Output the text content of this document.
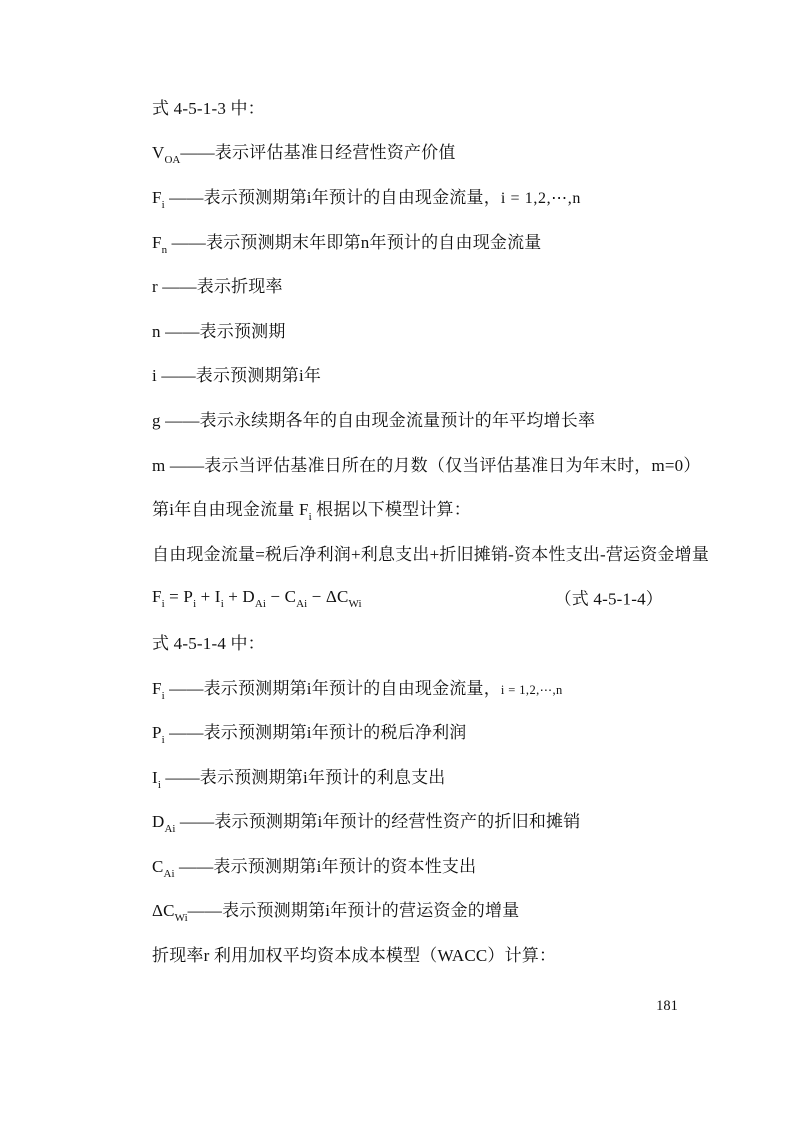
式 4-5-1-3 中：
$V_{OA}——$表示评估基准日经营性资产价值
$F_i$ ——表示预测期第i年预计的自由现金流量，i = 1,2,⋯,n
$F_n$ ——表示预测期末年即第n年预计的自由现金流量
r ——表示折现率
n ——表示预测期
i ——表示预测期第i年
g ——表示永续期各年的自由现金流量预计的年平均增长率
m ——表示当评估基准日所在的月数（仅当评估基准日为年末时，m=0）
第i年自由现金流量 $F_i$ 根据以下模型计算：
自由现金流量=税后净利润+利息支出+折旧摊销-资本性支出-营运资金增量
$F_i = P_i + I_i + D_{Ai} - C_{Ai} - \Delta C_{Wi}$	（式 4-5-1-4）
式 4-5-1-4 中：
$F_i$ ——表示预测期第i年预计的自由现金流量，i = 1,2,⋯,n
$P_i$ ——表示预测期第i年预计的税后净利润
$I_i$ ——表示预测期第i年预计的利息支出
$D_{Ai}$ ——表示预测期第i年预计的经营性资产的折旧和摊销
$C_{Ai}$ ——表示预测期第i年预计的资本性支出
$\Delta C_{Wi}——$表示预测期第i年预计的营运资金的增量
折现率r 利用加权平均资本成本模型（WACC）计算：
181
